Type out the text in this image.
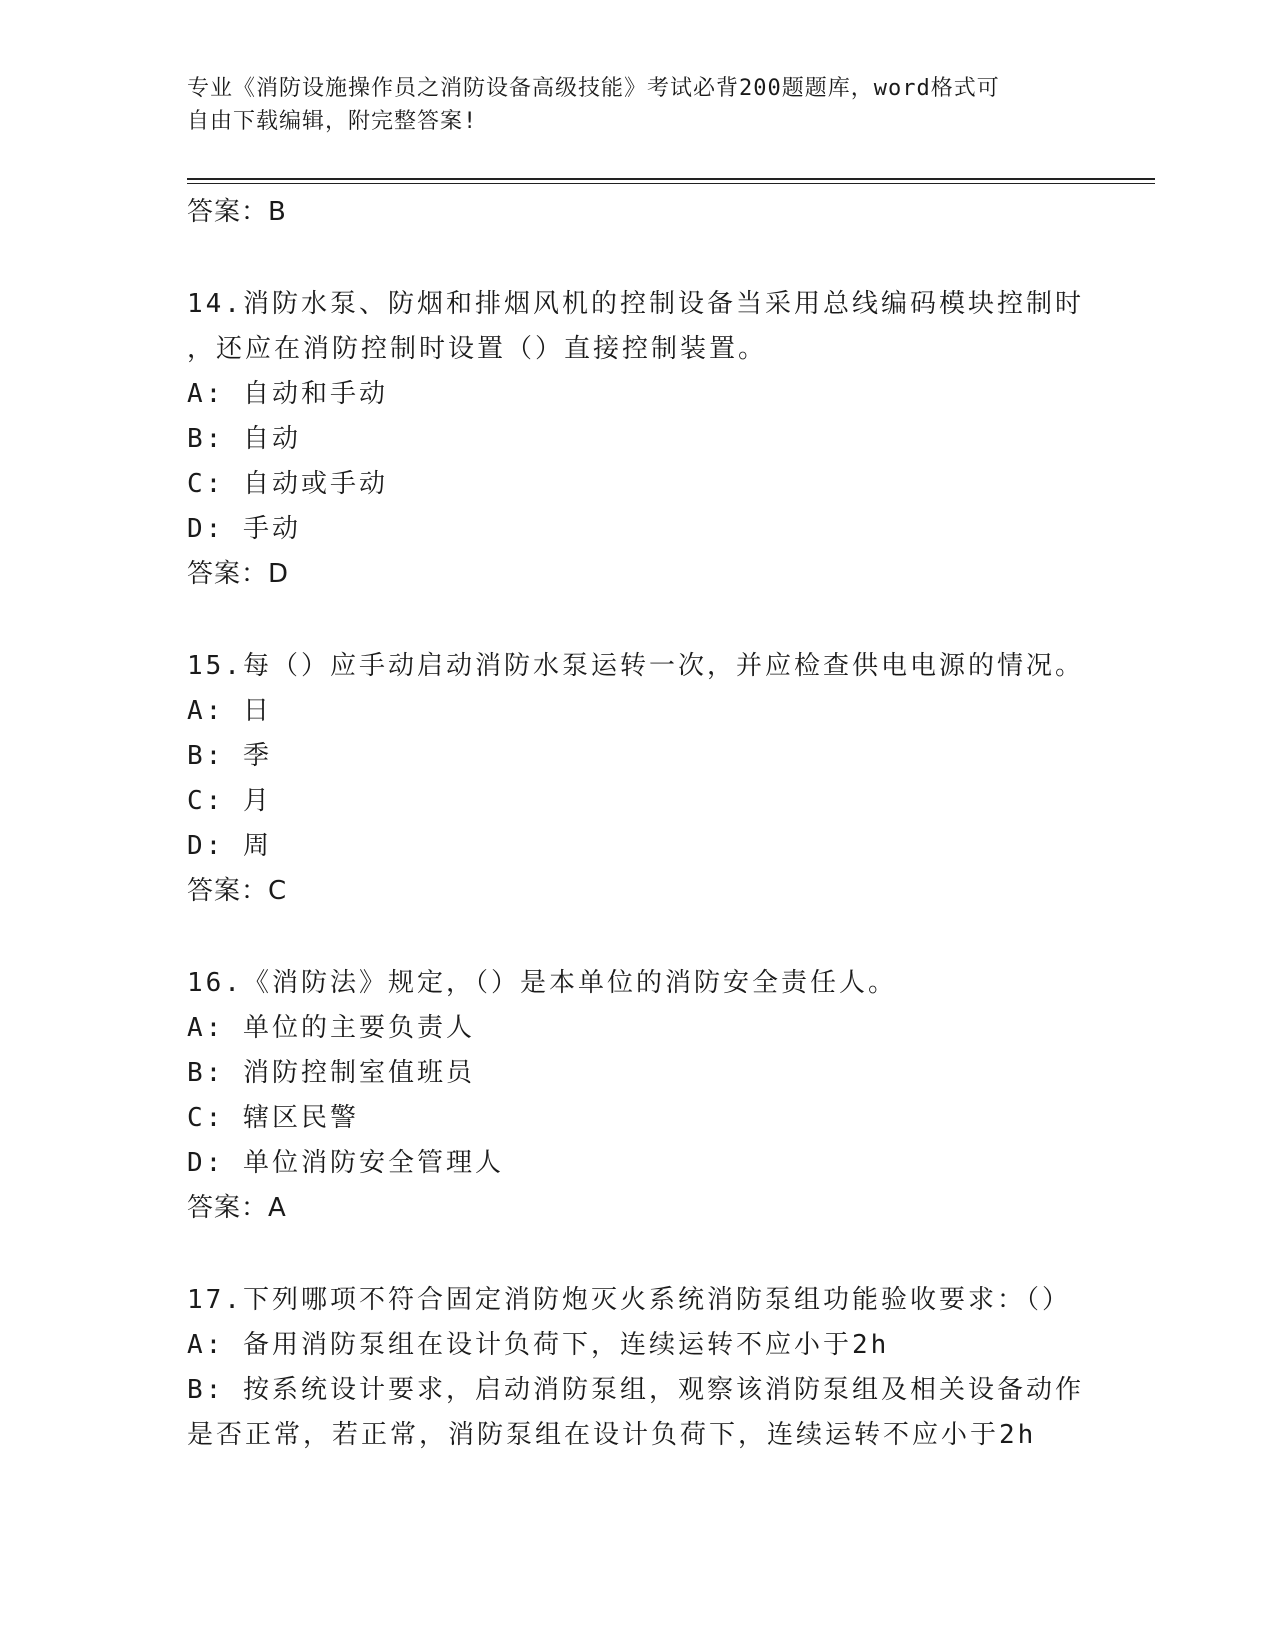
专业《消防设施操作员之消防设备高级技能》考试必背200题题库，word格式可
自由下载编辑，附完整答案!
答案：B
14.消防水泵、防烟和排烟风机的控制设备当采用总线编码模块控制时
，还应在消防控制时设置（）直接控制装置。
A: 自动和手动
B: 自动
C: 自动或手动
D: 手动
答案：D
15.每（）应手动启动消防水泵运转一次，并应检查供电电源的情况。
A: 日
B: 季
C: 月
D: 周
答案：C
16.《消防法》规定，（）是本单位的消防安全责任人。
A: 单位的主要负责人
B: 消防控制室值班员
C: 辖区民警
D: 单位消防安全管理人
答案：A
17.下列哪项不符合固定消防炮灭火系统消防泵组功能验收要求：（）
A: 备用消防泵组在设计负荷下，连续运转不应小于2h
B: 按系统设计要求，启动消防泵组，观察该消防泵组及相关设备动作
是否正常，若正常，消防泵组在设计负荷下，连续运转不应小于2h
